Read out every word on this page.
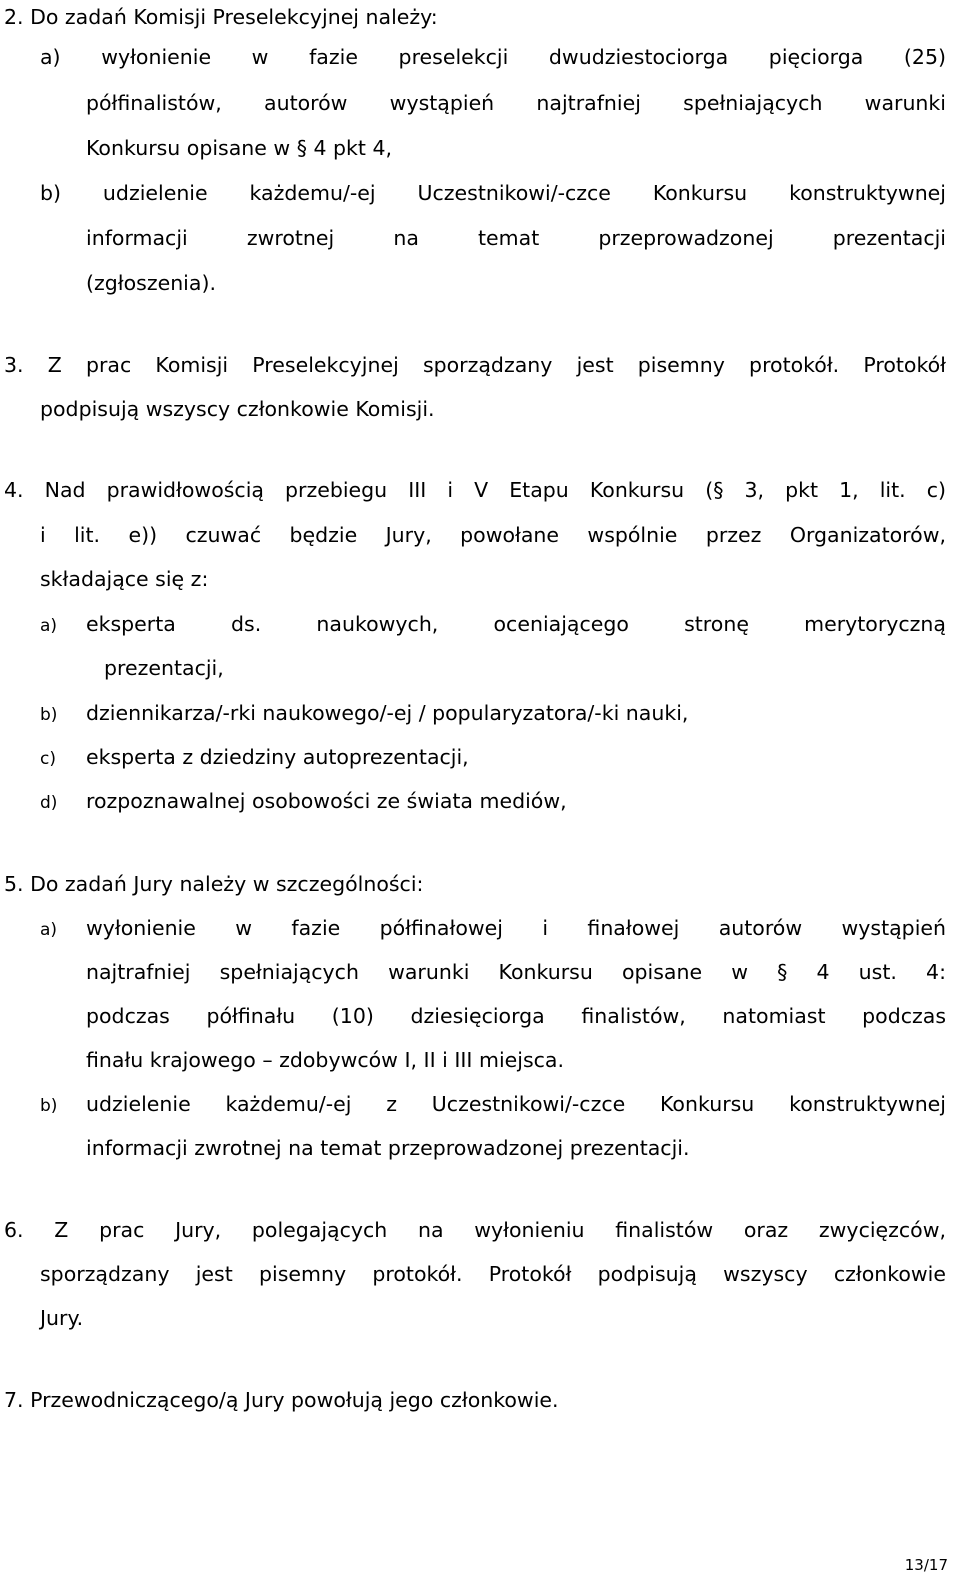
2. Do zadań Komisji Preselekcyjnej należy:
a) wyłonienie w fazie preselekcji dwudziestociorga pięciorga (25)
półfinalistów, autorów wystąpień najtrafniej spełniających warunki
Konkursu opisane w § 4 pkt 4,
b) udzielenie każdemu/-ej Uczestnikowi/-czce Konkursu konstruktywnej
informacji zwrotnej na temat przeprowadzonej prezentacji
(zgłoszenia).
3. Z prac Komisji Preselekcyjnej sporządzany jest pisemny protokół. Protokół
podpisują wszyscy członkowie Komisji.
4. Nad prawidłowością przebiegu III i V Etapu Konkursu (§ 3, pkt 1, lit. c)
i lit. e)) czuwać będzie Jury, powołane wspólnie przez Organizatorów,
składające się z:
a) eksperta ds. naukowych, oceniającego stronę merytoryczną
prezentacji,
b) dziennikarza/-rki naukowego/-ej / popularyzatora/-ki nauki,
c) eksperta z dziedziny autoprezentacji,
d) rozpoznawalnej osobowości ze świata mediów,
5. Do zadań Jury należy w szczególności:
a) wyłonienie w fazie półfinałowej i finałowej autorów wystąpień
najtrafniej spełniających warunki Konkursu opisane w § 4 ust. 4:
podczas półfinału (10) dziesięciorga finalistów, natomiast podczas
finału krajowego – zdobywców I, II i III miejsca.
b) udzielenie każdemu/-ej z Uczestnikowi/-czce Konkursu konstruktywnej
informacji zwrotnej na temat przeprowadzonej prezentacji.
6. Z prac Jury, polegających na wyłonieniu finalistów oraz zwycięzców,
sporządzany jest pisemny protokół. Protokół podpisują wszyscy członkowie
Jury.
7. Przewodniczącego/ą Jury powołują jego członkowie.
13/17
